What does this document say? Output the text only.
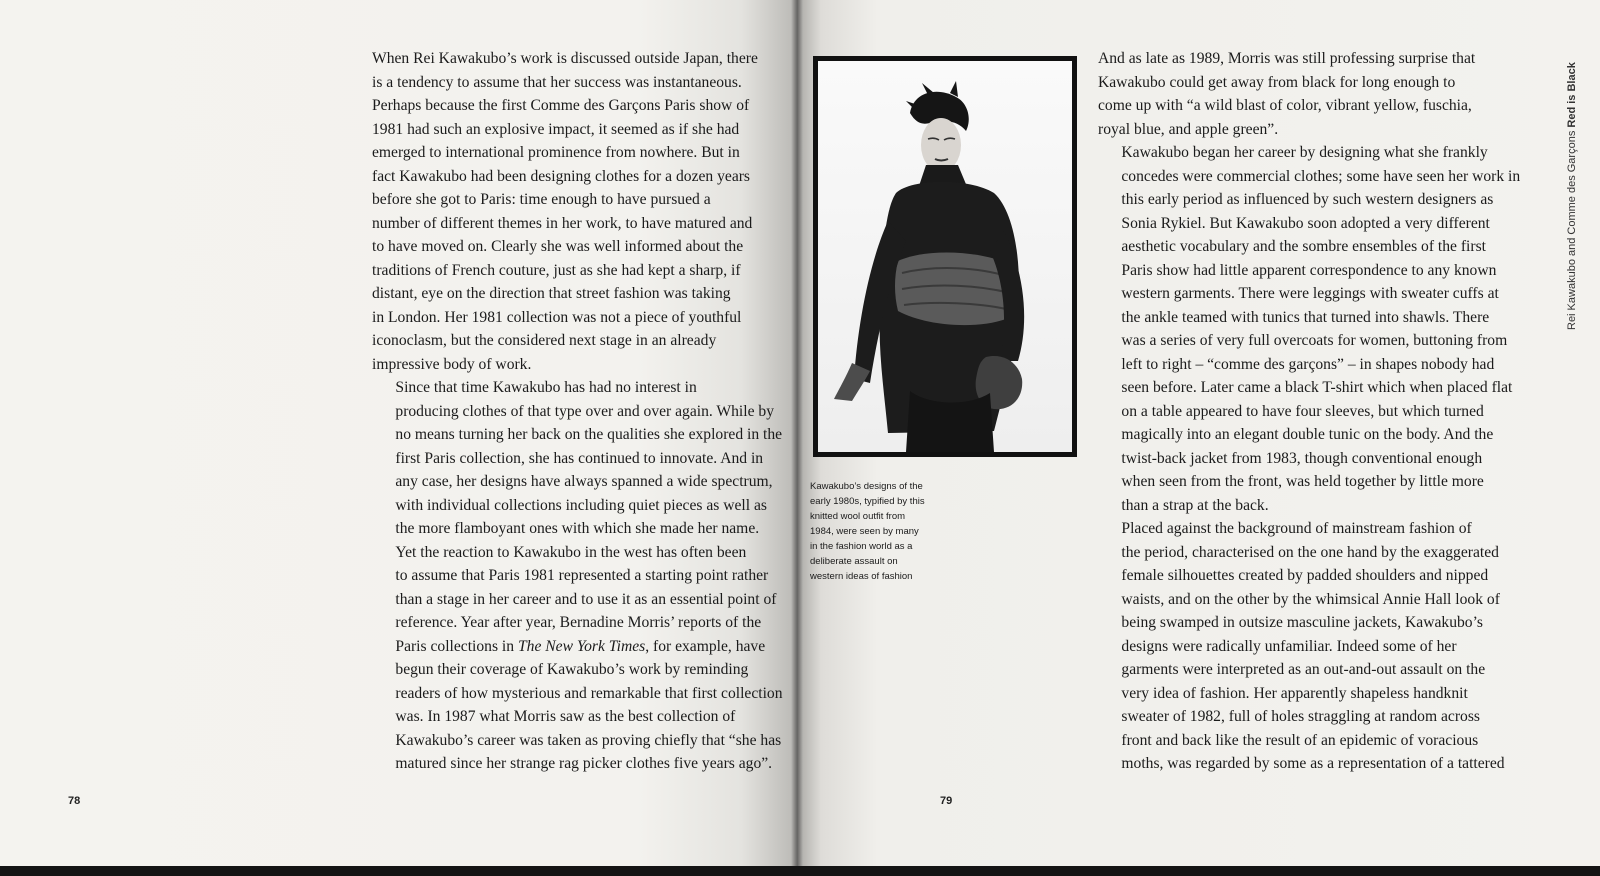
When Rei Kawakubo’s work is discussed outside Japan, there
is a tendency to assume that her success was instantaneous.
Perhaps because the first Comme des Garçons Paris show of
1981 had such an explosive impact, it seemed as if she had
emerged to international prominence from nowhere. But in
fact Kawakubo had been designing clothes for a dozen years
before she got to Paris: time enough to have pursued a
number of different themes in her work, to have matured and
to have moved on. Clearly she was well informed about the
traditions of French couture, just as she had kept a sharp, if
distant, eye on the direction that street fashion was taking
in London. Her 1981 collection was not a piece of youthful
iconoclasm, but the considered next stage in an already
impressive body of work.

Since that time Kawakubo has had no interest in
producing clothes of that type over and over again. While by
no means turning her back on the qualities she explored in the
first Paris collection, she has continued to innovate. And in
any case, her designs have always spanned a wide spectrum,
with individual collections including quiet pieces as well as
the more flamboyant ones with which she made her name.

Yet the reaction to Kawakubo in the west has often been
to assume that Paris 1981 represented a starting point rather
than a stage in her career and to use it as an essential point of
reference. Year after year, Bernadine Morris’ reports of the
Paris collections in The New York Times, for example, have
begun their coverage of Kawakubo’s work by reminding
readers of how mysterious and remarkable that first collection
was. In 1987 what Morris saw as the best collection of
Kawakubo’s career was taken as proving chiefly that “she has
matured since her strange rag picker clothes five years ago”.

78
Kawakubo’s designs of the
early 1980s, typified by this
knitted wool outfit from
1984, were seen by many
in the fashion world as a
deliberate assault on
western ideas of fashion

And as late as 1989, Morris was still professing surprise that
Kawakubo could get away from black for long enough to
come up with “a wild blast of color, vibrant yellow, fuschia,
royal blue, and apple green”.

Kawakubo began her career by designing what she frankly
concedes were commercial clothes; some have seen her work in
this early period as influenced by such western designers as
Sonia Rykiel. But Kawakubo soon adopted a very different
aesthetic vocabulary and the sombre ensembles of the first
Paris show had little apparent correspondence to any known
western garments. There were leggings with sweater cuffs at
the ankle teamed with tunics that turned into shawls. There
was a series of very full overcoats for women, buttoning from
left to right – “comme des garçons” – in shapes nobody had
seen before. Later came a black T-shirt which when placed flat
on a table appeared to have four sleeves, but which turned
magically into an elegant double tunic on the body. And the
twist-back jacket from 1983, though conventional enough
when seen from the front, was held together by little more
than a strap at the back.

Placed against the background of mainstream fashion of
the period, characterised on the one hand by the exaggerated
female silhouettes created by padded shoulders and nipped
waists, and on the other by the whimsical Annie Hall look of
being swamped in outsize masculine jackets, Kawakubo’s
designs were radically unfamiliar. Indeed some of her
garments were interpreted as an out-and-out assault on the
very idea of fashion. Her apparently shapeless handknit
sweater of 1982, full of holes straggling at random across
front and back like the result of an epidemic of voracious
moths, was regarded by some as a representation of a tattered

79
Rei Kawakubo and Comme des Garçons Red is Black
